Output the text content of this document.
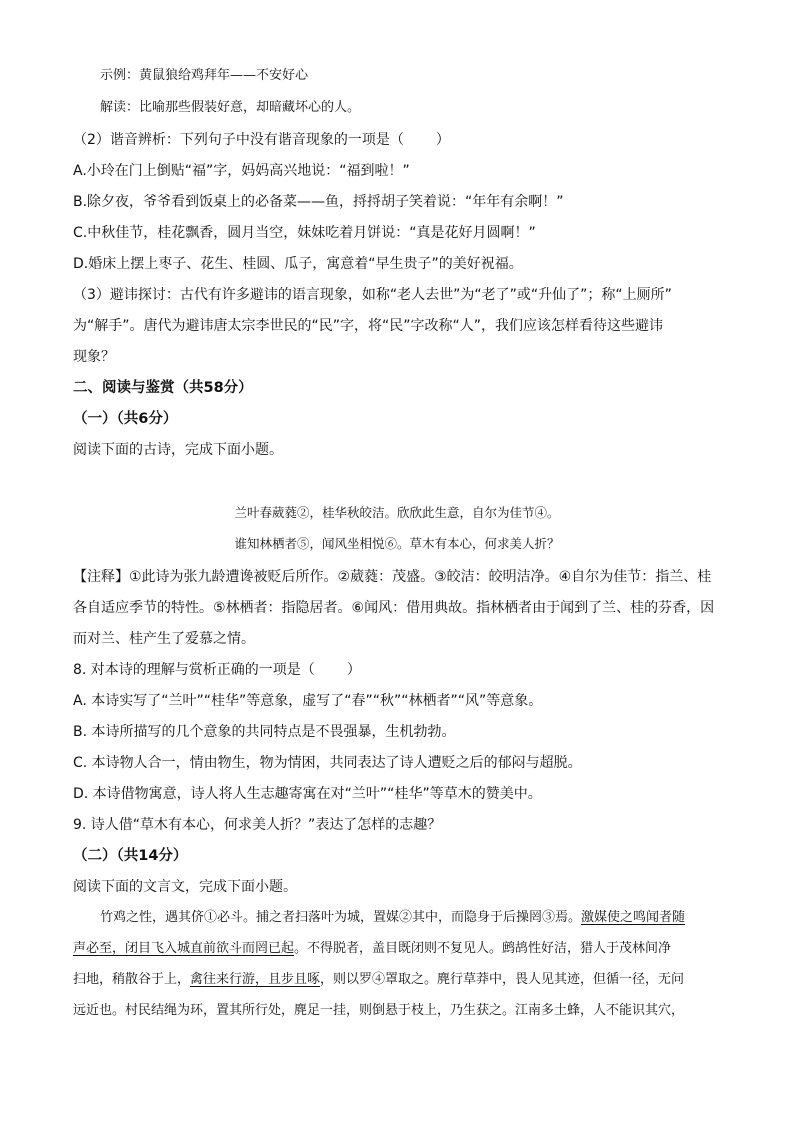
示例：黄鼠狼给鸡拜年——不安好心
解读：比喻那些假装好意，却暗藏坏心的人。
（2）谐音辨析：下列句子中没有谐音现象的一项是（ ）
A.小玲在门上倒贴“福”字，妈妈高兴地说：“福到啦！”
B.除夕夜，爷爷看到饭桌上的必备菜——鱼，捋捋胡子笑着说：“年年有余啊！”
C.中秋佳节，桂花飘香，圆月当空，妹妹吃着月饼说：“真是花好月圆啊！”
D.婚床上摆上枣子、花生、桂圆、瓜子，寓意着“早生贵子”的美好祝福。
（3）避讳探讨：古代有许多避讳的语言现象，如称“老人去世”为“老了”或“升仙了”；称“上厕所”
为“解手”。唐代为避讳唐太宗李世民的“民”字，将“民”字改称“人”，我们应该怎样看待这些避讳
现象？
二、阅读与鉴赏（共58分）
（一）（共6分）
阅读下面的古诗，完成下面小题。
兰叶春葳蕤②，桂华秋皎洁。欣欣此生意，自尔为佳节④。
谁知林栖者⑤，闻风坐相悦⑥。草木有本心，何求美人折？
【注释】①此诗为张九龄遭谗被贬后所作。②葳蕤：茂盛。③皎洁：皎明洁净。④自尔为佳节：指兰、桂
各自适应季节的特性。⑤林栖者：指隐居者。⑥闻风：借用典故。指林栖者由于闻到了兰、桂的芬香，因
而对兰、桂产生了爱慕之情。
8. 对本诗的理解与赏析正确的一项是（ ）
A. 本诗实写了“兰叶”“桂华”等意象，虚写了“春”“秋”“林栖者”“风”等意象。
B. 本诗所描写的几个意象的共同特点是不畏强暴，生机勃勃。
C. 本诗物人合一，情由物生，物为情困，共同表达了诗人遭贬之后的郁闷与超脱。
D. 本诗借物寓意，诗人将人生志趣寄寓在对“兰叶”“桂华”等草木的赞美中。
9. 诗人借“草木有本心，何求美人折？”表达了怎样的志趣？
（二）（共14分）
阅读下面的文言文，完成下面小题。
竹鸡之性，遇其侪①必斗。捕之者扫落叶为城，置媒②其中，而隐身于后操罔③焉。激媒使之鸣闻者随
声必至，闭目飞入城直前欲斗而罔已起。不得脱者，盖目既闭则不复见人。鹧鸪性好洁，猎人于茂林间净
扫地，稍散谷于上，禽往来行游，且步且啄，则以罗④罩取之。麂行草莽中，畏人见其迹，但循一径，无问
远近也。村民结绳为环，置其所行处，麂足一挂，则倒悬于枝上，乃生获之。江南多土蜂，人不能识其穴，
